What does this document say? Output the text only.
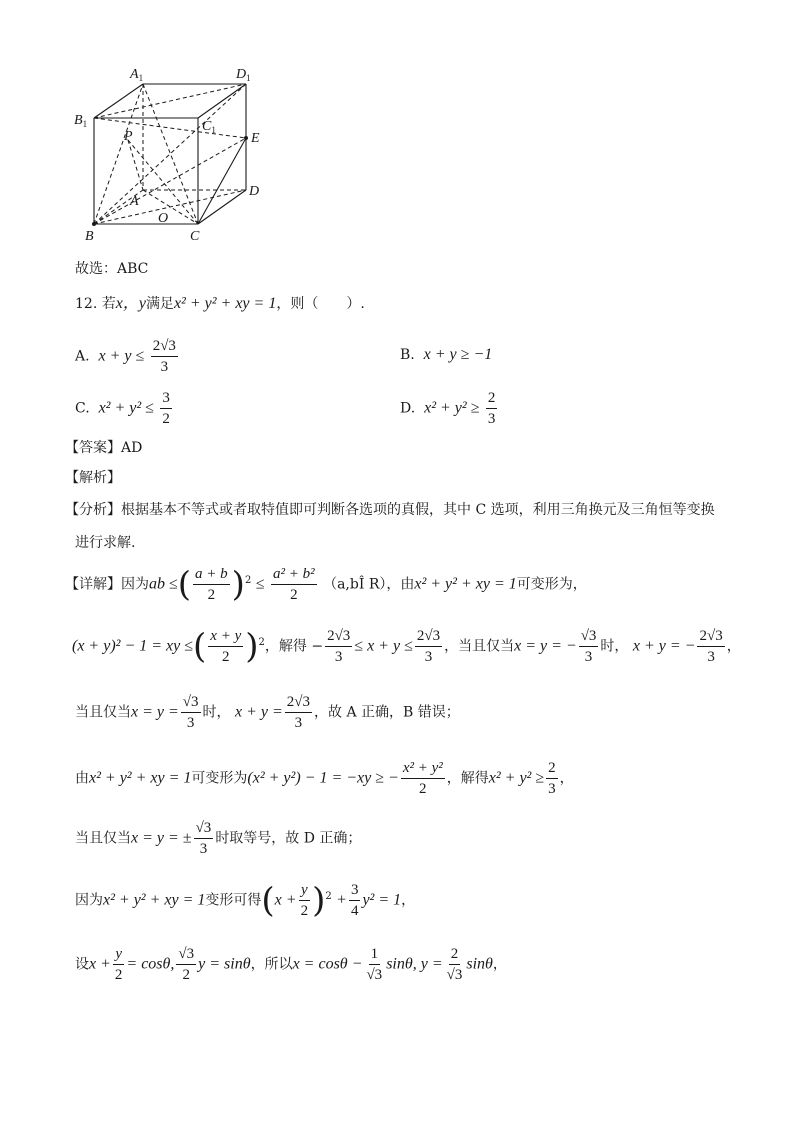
$A_1$	$D_1$
$B_1$	$C_1$
P	E
D
A
O
B	C
故选：ABC
12. 若x，y满足x² + y² + xy = 1，则（　　）.
A. $x + y \le \frac{2√3}{3}$	B. x + y ≥ −1
C. $x^2 + y^2 \le \frac{3}{2}$	D. $x^2 + y^2 \ge \frac{2}{3}$
【答案】AD
【解析】
【分析】根据基本不等式或者取特值即可判断各选项的真假，其中 C 选项，利用三角换元及三角恒等变换
进行求解.
【详解】因为ab ≤( $\frac{a + b}{2} )^2 \le \frac{\text{a² + b²}}{2}$ （a,bÎ R），由x² + y² + xy = 1可变形为，
(x + y)² − 1 = xy ≤( $\frac{x + y}{2} )^2$，解得 − $\frac{2√3}{3} \le x + y \le \frac{2√3}{3}$ ，当且仅当x = y = − $\frac{√3}{3}$ 时， x + y = − $\frac{2√3}{3}$ ，
当且仅当$x = y = \frac{√3}{3}$ 时， $x + y = \frac{2√3}{3}$ ，故 A 正确，B 错误；
由x² + y² + xy = 1可变形为(x² + y²) − 1 = −xy ≥ − $\frac{\text{x² + y²}}{2}$ ，解得$x^2 + y^2 \ge \frac{2}{3}$ ，
当且仅当x = y = ± $\frac{√3}{3}$ 时取等号，故 D 正确；
因为x² + y² + xy = 1变形可得$(x + \frac{y}{2} )^2 + \frac{3}{4} y^2 = 1$，
设$x + \frac{y}{2} = \cos\theta$, $\frac{√3}{2}$ y = sinθ，所以$x = \cos\theta - \frac{1}{√3} \sin\theta$, $y = \frac{2}{√3}$ sinθ，
